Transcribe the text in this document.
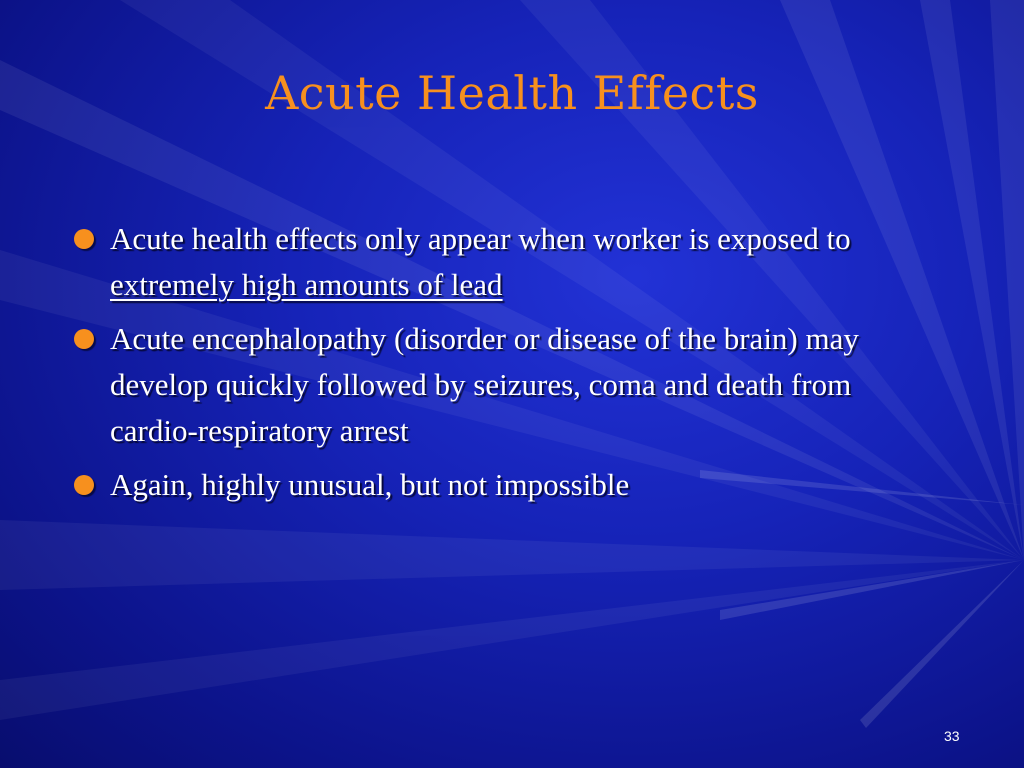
Acute Health Effects
Acute health effects only appear when worker is exposed to extremely high amounts of lead
Acute encephalopathy (disorder or disease of the brain) may develop quickly followed by seizures, coma and death from cardio-respiratory arrest
Again, highly unusual, but not impossible
33
